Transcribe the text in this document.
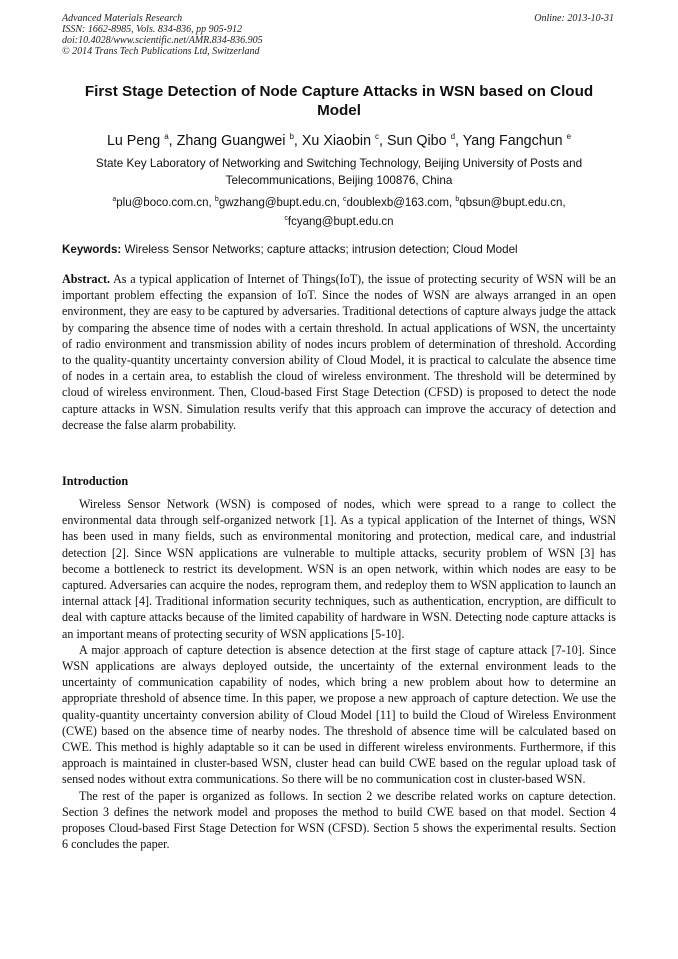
Advanced Materials Research
ISSN: 1662-8985, Vols. 834-836, pp 905-912
doi:10.4028/www.scientific.net/AMR.834-836.905
© 2014 Trans Tech Publications Ltd, Switzerland
Online: 2013-10-31
First Stage Detection of Node Capture Attacks in WSN based on Cloud Model
Lu Peng $^a$, Zhang Guangwei $^b$, Xu Xiaobin $^c$, Sun Qibo $^d$, Yang Fangchun $^e$
State Key Laboratory of Networking and Switching Technology, Beijing University of Posts and Telecommunications, Beijing 100876, China
$^a$plu@boco.com.cn, $^b$gwzhang@bupt.edu.cn, $^c$doublexb@163.com, $^b$qbsun@bupt.edu.cn,
$^c$fcyang@bupt.edu.cn
Keywords: Wireless Sensor Networks; capture attacks; intrusion detection; Cloud Model
Abstract. As a typical application of Internet of Things(IoT), the issue of protecting security of WSN will be an important problem effecting the expansion of IoT. Since the nodes of WSN are always arranged in an open environment, they are easy to be captured by adversaries. Traditional detections of capture always judge the attack by comparing the absence time of nodes with a certain threshold. In actual applications of WSN, the uncertainty of radio environment and transmission ability of nodes incurs problem of determination of threshold. According to the quality-quantity uncertainty conversion ability of Cloud Model, it is practical to calculate the absence time of nodes in a certain area, to establish the cloud of wireless environment. The threshold will be determined by cloud of wireless environment. Then, Cloud-based First Stage Detection (CFSD) is proposed to detect the node capture attacks in WSN. Simulation results verify that this approach can improve the accuracy of detection and decrease the false alarm probability.
Introduction

Wireless Sensor Network (WSN) is composed of nodes, which were spread to a range to collect the environmental data through self-organized network [1]. As a typical application of the Internet of things, WSN has been used in many fields, such as environmental monitoring and protection, medical care, and industrial detection [2]. Since WSN applications are vulnerable to multiple attacks, security problem of WSN [3] has become a bottleneck to restrict its development. WSN is an open network, within which nodes are easy to be captured. Adversaries can acquire the nodes, reprogram them, and redeploy them to WSN application to launch an internal attack [4]. Traditional information security techniques, such as authentication, encryption, are difficult to deal with capture attacks because of the limited capability of hardware in WSN. Detecting node capture attacks is an important means of protecting security of WSN applications [5-10].

A major approach of capture detection is absence detection at the first stage of capture attack [7-10]. Since WSN applications are always deployed outside, the uncertainty of the external environment leads to the uncertainty of communication capability of nodes, which bring a new problem about how to determine an appropriate threshold of absence time. In this paper, we propose a new approach of capture detection. We use the quality-quantity uncertainty conversion ability of Cloud Model [11] to build the Cloud of Wireless Environment (CWE) based on the absence time of nearby nodes. The threshold of absence time will be calculated based on CWE. This method is highly adaptable so it can be used in different wireless environments. Furthermore, if this approach is maintained in cluster-based WSN, cluster head can build CWE based on the regular upload task of sensed nodes without extra communications. So there will be no communication cost in cluster-based WSN.

The rest of the paper is organized as follows. In section 2 we describe related works on capture detection. Section 3 defines the network model and proposes the method to build CWE based on that model. Section 4 proposes Cloud-based First Stage Detection for WSN (CFSD). Section 5 shows the experimental results. Section 6 concludes the paper.
